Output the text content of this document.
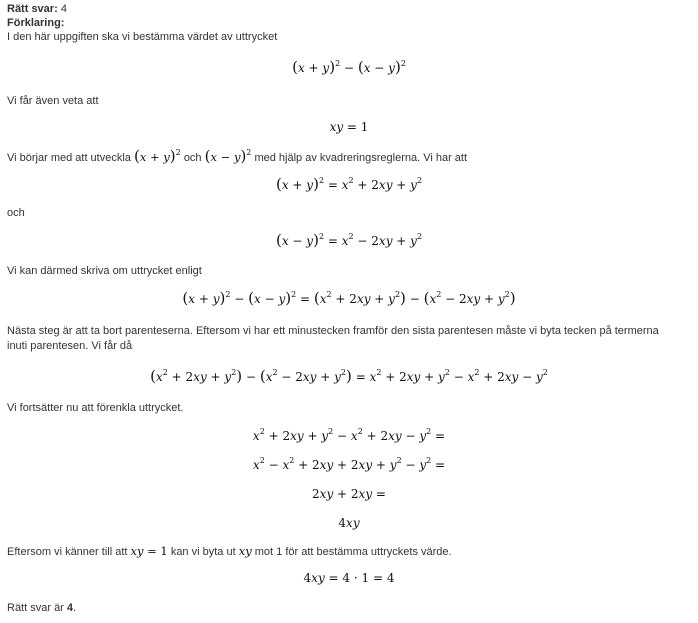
Rätt svar: 4
Förklaring:
I den här uppgiften ska vi bestämma värdet av uttrycket
$(x + y)^2 - (x - y)^2$
Vi får även veta att
xy = 1
Vi börjar med att utveckla $(x + y)^2$ och $(x - y)^2$ med hjälp av kvadreringsreglerna. Vi har att
$(x + y)^2 = x^2 + 2xy + y^2$
och
$(x - y)^2 = x^2 - 2xy + y^2$
Vi kan därmed skriva om uttrycket enligt
$(x + y)^2 - (x - y)^2 = (x^2 + 2xy + y^2) - (x^2 - 2xy + y^2)$
Nästa steg är att ta bort parenteserna. Eftersom vi har ett minustecken framför den sista parentesen måste vi byta tecken på termerna
inuti parentesen. Vi får då
$(x^2 + 2xy + y^2) - (x^2 - 2xy + y^2) = x^2 + 2xy + y^2 - x^2 + 2xy - y^2$
Vi fortsätter nu att förenkla uttrycket.
$x^2 + 2xy + y^2 - x^2 + 2xy - y^2$ =
$x^2 - x^2 + 2xy + 2xy + y^2 - y^2$ =
2xy + 2xy =
4xy
Eftersom vi känner till att xy = 1 kan vi byta ut xy mot 1 för att bestämma uttryckets värde.
4xy = 4 · 1 = 4
Rätt svar är 4.
